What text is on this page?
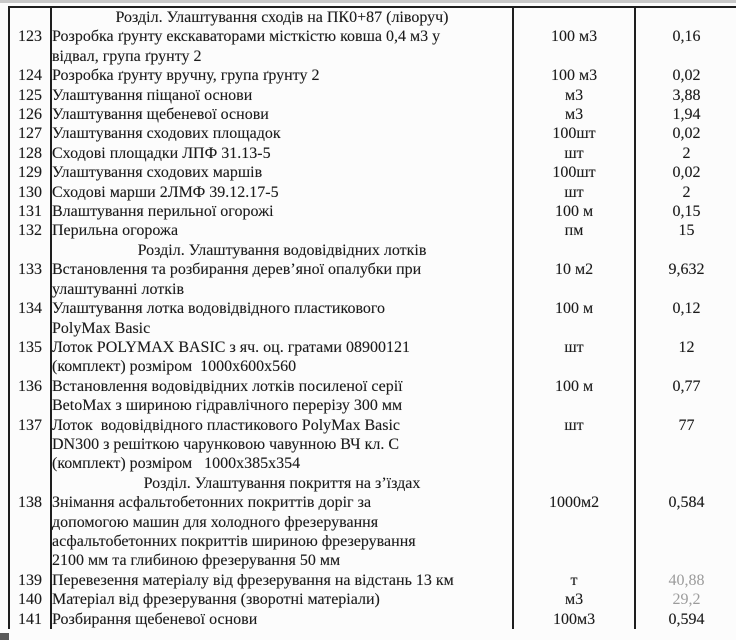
	Розділ. Улаштування сходів на ПК0+87 (ліворуч)		
123	Розробка ґрунту екскаваторами місткістю ковша 0,4 м3 у
відвал, група ґрунту 2	100 м3	0,16
124	Розробка ґрунту вручну, група ґрунту 2	100 м3	0,02
125	Улаштування піщаної основи	м3	3,88
126	Улаштування щебеневої основи	м3	1,94
127	Улаштування сходових площадок	100шт	0,02
128	Сходові площадки ЛПФ 31.13-5	шт	2
129	Улаштування сходових маршів	100шт	0,02
130	Сходові марши 2ЛМФ 39.12.17-5	шт	2
131	Влаштування перильної огорожі	100 м	0,15
132	Перильна огорожа	пм	15
	Розділ. Улаштування водовідвідних лотків		
133	Встановлення та розбирання дерев’яної опалубки при
улаштуванні лотків	10 м2	9,632
134	Улаштування лотка водовідвідного пластикового
PolyMax Basic	100 м	0,12
135	Лоток POLYMAX BASIC з яч. оц. гратами 08900121
(комплект) розміром  1000x600x560	шт	12
136	Встановлення водовідвідних лотків посиленої серії
BetoMax з шириною гідравлічного перерізу 300 мм	100 м	0,77
137	Лоток  водовідвідного пластикового PolyMax Basic
DN300 з решіткою чарунковою чавунною ВЧ кл. С
(комплект) розміром   1000x385x354	шт	77
	Розділ. Улаштування покриття на з’їздах		
138	Знімання асфальтобетонних покриттів доріг за
допомогою машин для холодного фрезерування
асфальтобетонних покриттів шириною фрезерування
2100 мм та глибиною фрезерування 50 мм	1000м2	0,584
139	Перевезення матеріалу від фрезерування на відстань 13 км	т	40,88
140	Матеріал від фрезерування (зворотні матеріали)	м3	29,2
141	Розбирання щебеневої основи	100м3	0,594
